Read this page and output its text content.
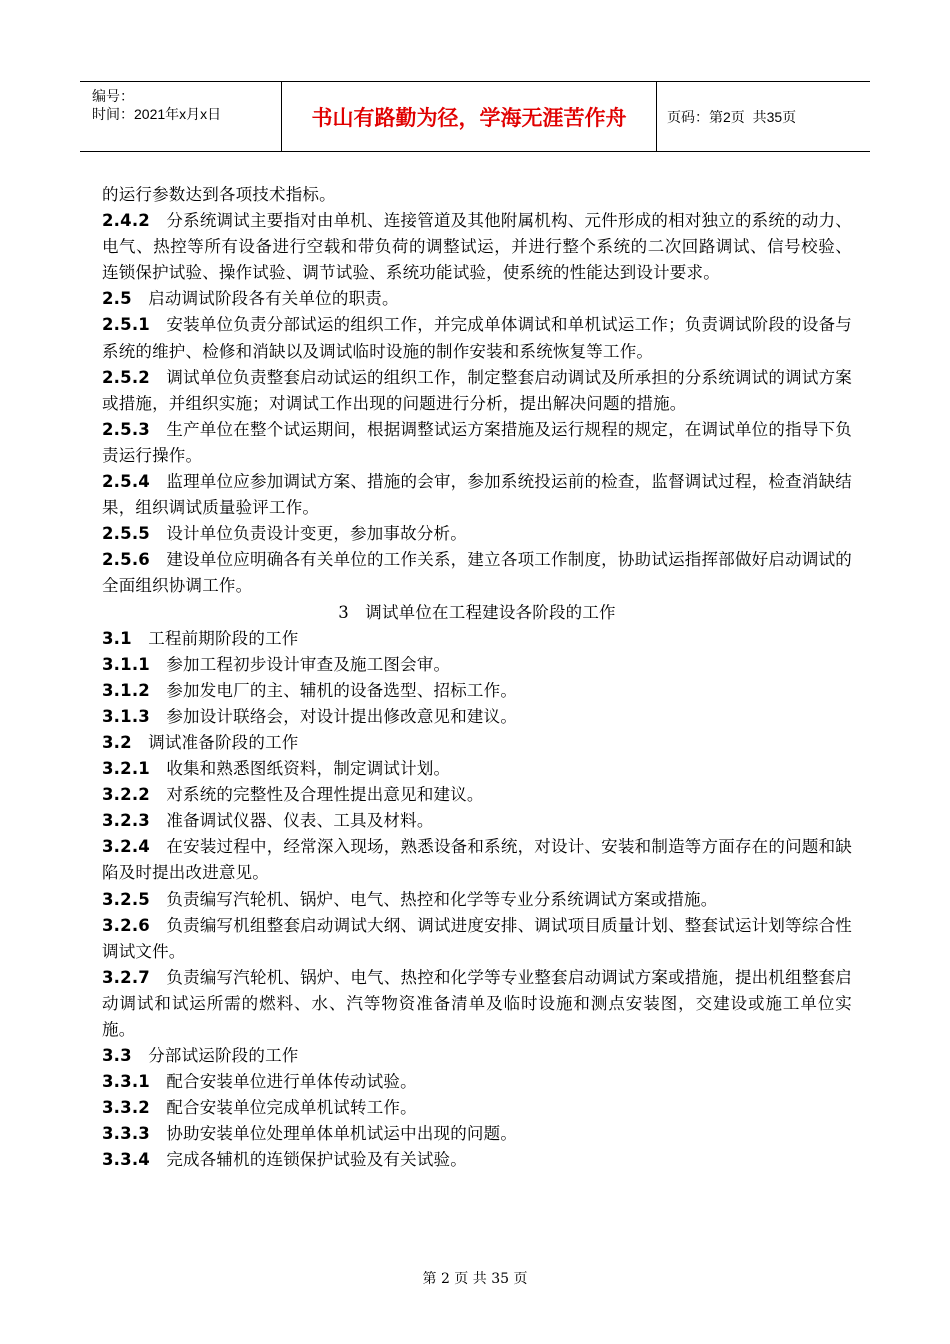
编号：
时间：2021年x月x日	书山有路勤为径，学海无涯苦作舟	页码：第2页  共35页

的运行参数达到各项技术指标。

2.4.2 分系统调试主要指对由单机、连接管道及其他附属机构、元件形成的相对独立的系统的动力、电气、热控等所有设备进行空载和带负荷的调整试运，并进行整个系统的二次回路调试、信号校验、连锁保护试验、操作试验、调节试验、系统功能试验，使系统的性能达到设计要求。

2.5 启动调试阶段各有关单位的职责。

2.5.1 安装单位负责分部试运的组织工作，并完成单体调试和单机试运工作；负责调试阶段的设备与系统的维护、检修和消缺以及调试临时设施的制作安装和系统恢复等工作。

2.5.2 调试单位负责整套启动试运的组织工作，制定整套启动调试及所承担的分系统调试的调试方案或措施，并组织实施；对调试工作出现的问题进行分析，提出解决问题的措施。

2.5.3 生产单位在整个试运期间，根据调整试运方案措施及运行规程的规定，在调试单位的指导下负责运行操作。

2.5.4 监理单位应参加调试方案、措施的会审，参加系统投运前的检查，监督调试过程，检查消缺结果，组织调试质量验评工作。

2.5.5 设计单位负责设计变更，参加事故分析。

2.5.6 建设单位应明确各有关单位的工作关系，建立各项工作制度，协助试运指挥部做好启动调试的全面组织协调工作。

3   调试单位在工程建设各阶段的工作

3.1 工程前期阶段的工作

3.1.1 参加工程初步设计审查及施工图会审。

3.1.2 参加发电厂的主、辅机的设备选型、招标工作。

3.1.3 参加设计联络会，对设计提出修改意见和建议。

3.2 调试准备阶段的工作

3.2.1 收集和熟悉图纸资料，制定调试计划。

3.2.2 对系统的完整性及合理性提出意见和建议。

3.2.3 准备调试仪器、仪表、工具及材料。

3.2.4 在安装过程中，经常深入现场，熟悉设备和系统，对设计、安装和制造等方面存在的问题和缺陷及时提出改进意见。

3.2.5 负责编写汽轮机、锅炉、电气、热控和化学等专业分系统调试方案或措施。

3.2.6 负责编写机组整套启动调试大纲、调试进度安排、调试项目质量计划、整套试运计划等综合性调试文件。

3.2.7 负责编写汽轮机、锅炉、电气、热控和化学等专业整套启动调试方案或措施，提出机组整套启动调试和试运所需的燃料、水、汽等物资准备清单及临时设施和测点安装图，交建设或施工单位实施。

3.3 分部试运阶段的工作

3.3.1 配合安装单位进行单体传动试验。

3.3.2 配合安装单位完成单机试转工作。

3.3.3 协助安装单位处理单体单机试运中出现的问题。

3.3.4 完成各辅机的连锁保护试验及有关试验。

第 2 页 共 35 页
